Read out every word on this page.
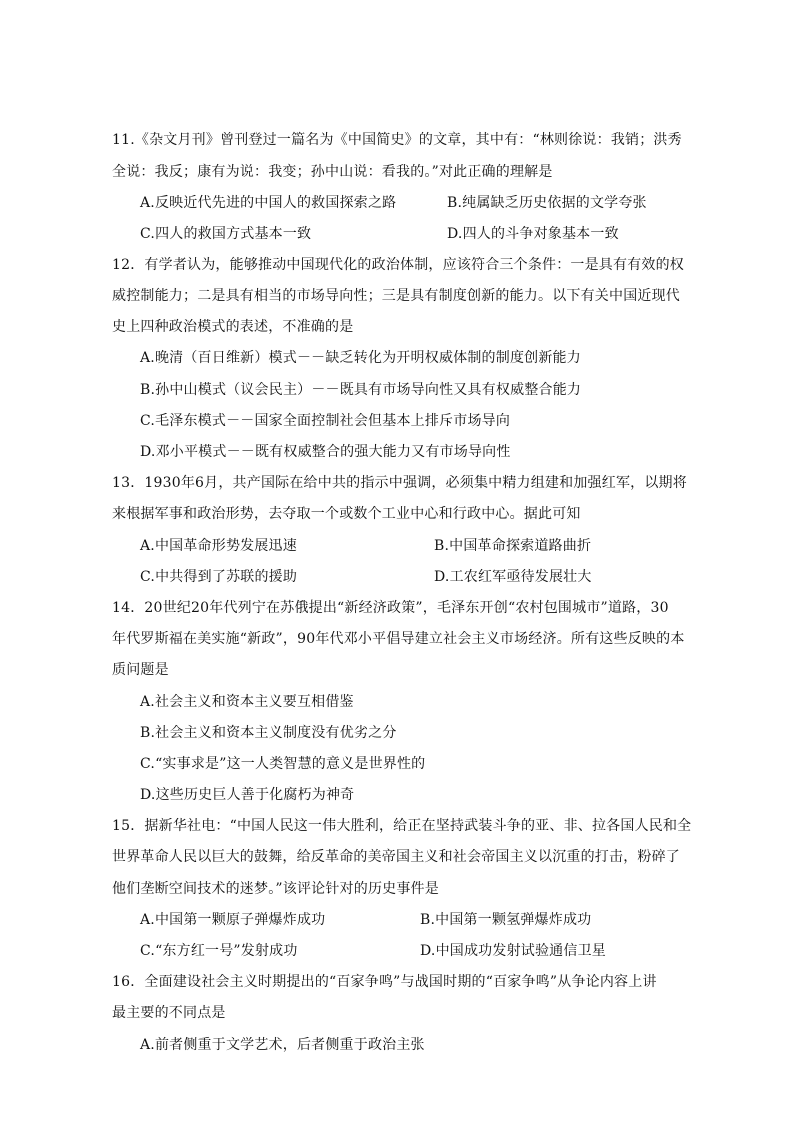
11.《杂文月刊》曾刊登过一篇名为《中国简史》的文章，其中有：“林则徐说：我销；洪秀
全说：我反；康有为说：我变；孙中山说：看我的。”对此正确的理解是
A.反映近代先进的中国人的救国探索之路	B.纯属缺乏历史依据的文学夸张
C.四人的救国方式基本一致	D.四人的斗争对象基本一致
12．有学者认为，能够推动中国现代化的政治体制，应该符合三个条件：一是具有有效的权
威控制能力；二是具有相当的市场导向性；三是具有制度创新的能力。以下有关中国近现代
史上四种政治模式的表述，不准确的是
A.晚清（百日维新）模式－－缺乏转化为开明权威体制的制度创新能力
B.孙中山模式（议会民主）－－既具有市场导向性又具有权威整合能力
C.毛泽东模式－－国家全面控制社会但基本上排斥市场导向
D.邓小平模式－－既有权威整合的强大能力又有市场导向性
13．1930年6月，共产国际在给中共的指示中强调，必须集中精力组建和加强红军，以期将
来根据军事和政治形势，去夺取一个或数个工业中心和行政中心。据此可知
A.中国革命形势发展迅速	B.中国革命探索道路曲折
C.中共得到了苏联的援助	D.工农红军亟待发展壮大
14．20世纪20年代列宁在苏俄提出“新经济政策”，毛泽东开创“农村包围城市”道路，30
年代罗斯福在美实施“新政”，90年代邓小平倡导建立社会主义市场经济。所有这些反映的本
质问题是
A.社会主义和资本主义要互相借鉴
B.社会主义和资本主义制度没有优劣之分
C.“实事求是”这一人类智慧的意义是世界性的
D.这些历史巨人善于化腐朽为神奇
15．据新华社电：“中国人民这一伟大胜利，给正在坚持武装斗争的亚、非、拉各国人民和全
世界革命人民以巨大的鼓舞，给反革命的美帝国主义和社会帝国主义以沉重的打击，粉碎了
他们垄断空间技术的迷梦。”该评论针对的历史事件是
A.中国第一颗原子弹爆炸成功	B.中国第一颗氢弹爆炸成功
C.“东方红一号”发射成功	D.中国成功发射试验通信卫星
16．全面建设社会主义时期提出的“百家争鸣”与战国时期的“百家争鸣”从争论内容上讲
最主要的不同点是
A.前者侧重于文学艺术，后者侧重于政治主张
